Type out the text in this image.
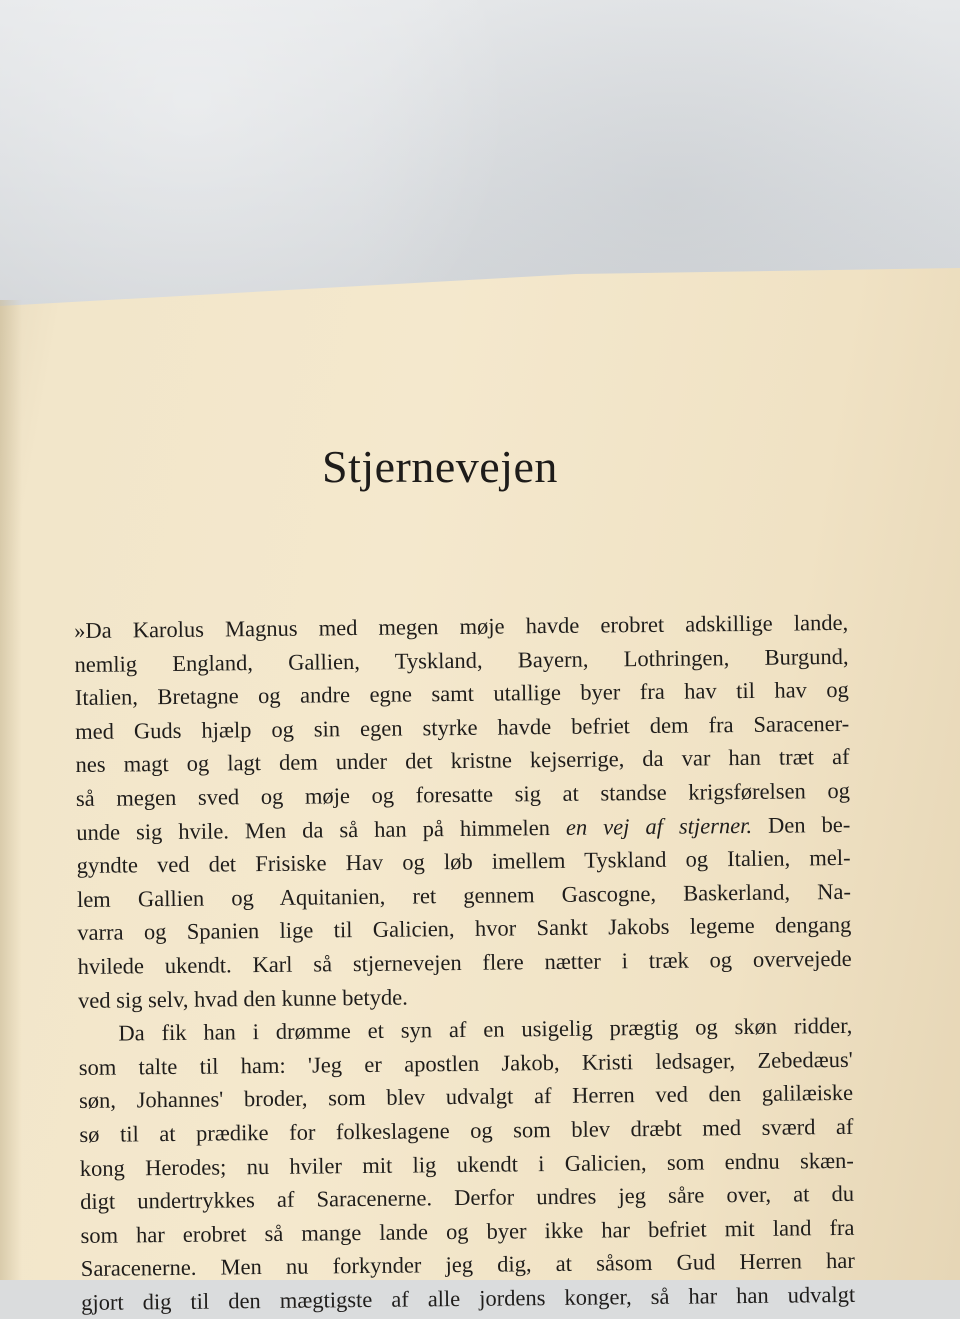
Stjernevejen
»Da Karolus Magnus med megen møje havde erobret adskillige lande,
nemlig England, Gallien, Tyskland, Bayern, Lothringen, Burgund,
Italien, Bretagne og andre egne samt utallige byer fra hav til hav og
med Guds hjælp og sin egen styrke havde befriet dem fra Saracener-
nes magt og lagt dem under det kristne kejserrige, da var han træt af
så megen sved og møje og foresatte sig at standse krigsførelsen og
unde sig hvile. Men da så han på himmelen en vej af stjerner. Den be-
gyndte ved det Frisiske Hav og løb imellem Tyskland og Italien, mel-
lem Gallien og Aquitanien, ret gennem Gascogne, Baskerland, Na-
varra og Spanien lige til Galicien, hvor Sankt Jakobs legeme dengang
hvilede ukendt. Karl så stjernevejen flere nætter i træk og overvejede
ved sig selv, hvad den kunne betyde.
Da fik han i drømme et syn af en usigelig prægtig og skøn ridder,
som talte til ham: 'Jeg er apostlen Jakob, Kristi ledsager, Zebedæus'
søn, Johannes' broder, som blev udvalgt af Herren ved den galilæiske
sø til at prædike for folkeslagene og som blev dræbt med sværd af
kong Herodes; nu hviler mit lig ukendt i Galicien, som endnu skæn-
digt undertrykkes af Saracenerne. Derfor undres jeg såre over, at du
som har erobret så mange lande og byer ikke har befriet mit land fra
Saracenerne. Men nu forkynder jeg dig, at såsom Gud Herren har
gjort dig til den mægtigste af alle jordens konger, så har han udvalgt
